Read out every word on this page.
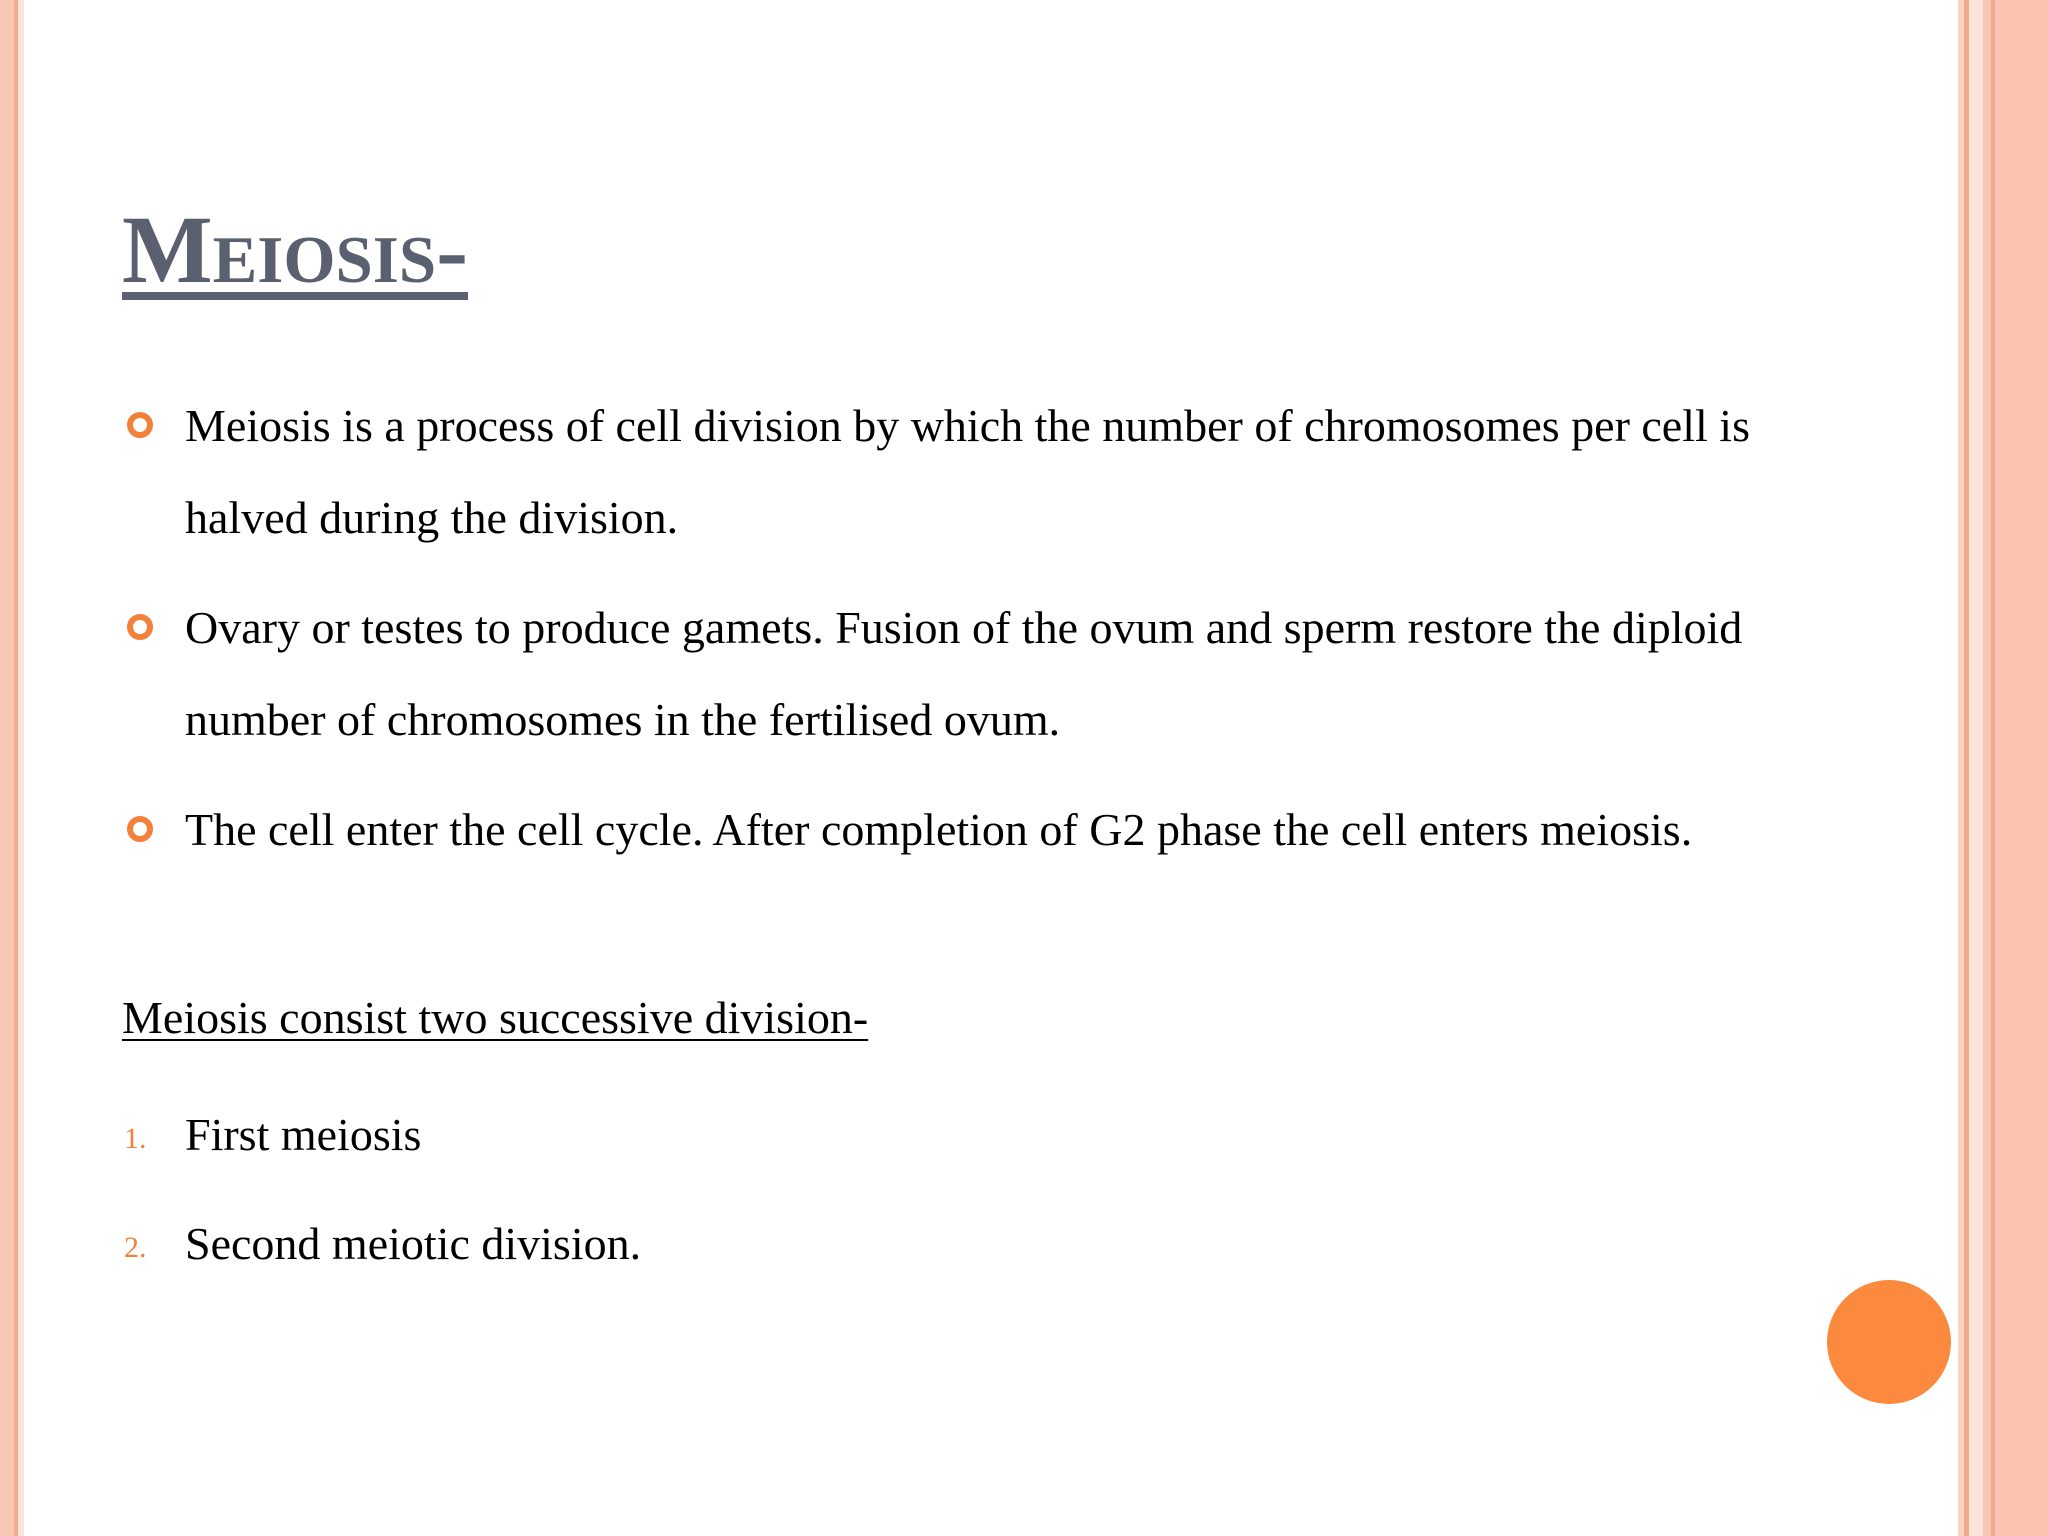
Meiosis-
Meiosis is a process of cell division by which the number of chromosomes per cell is halved during the division.
Ovary or testes to produce gamets. Fusion of the ovum and sperm restore the diploid number of chromosomes in the fertilised ovum.
The cell enter the cell cycle. After completion of G2 phase the cell enters meiosis.

Meiosis consist two successive division-

1. First meiosis
2. Second meiotic division.
